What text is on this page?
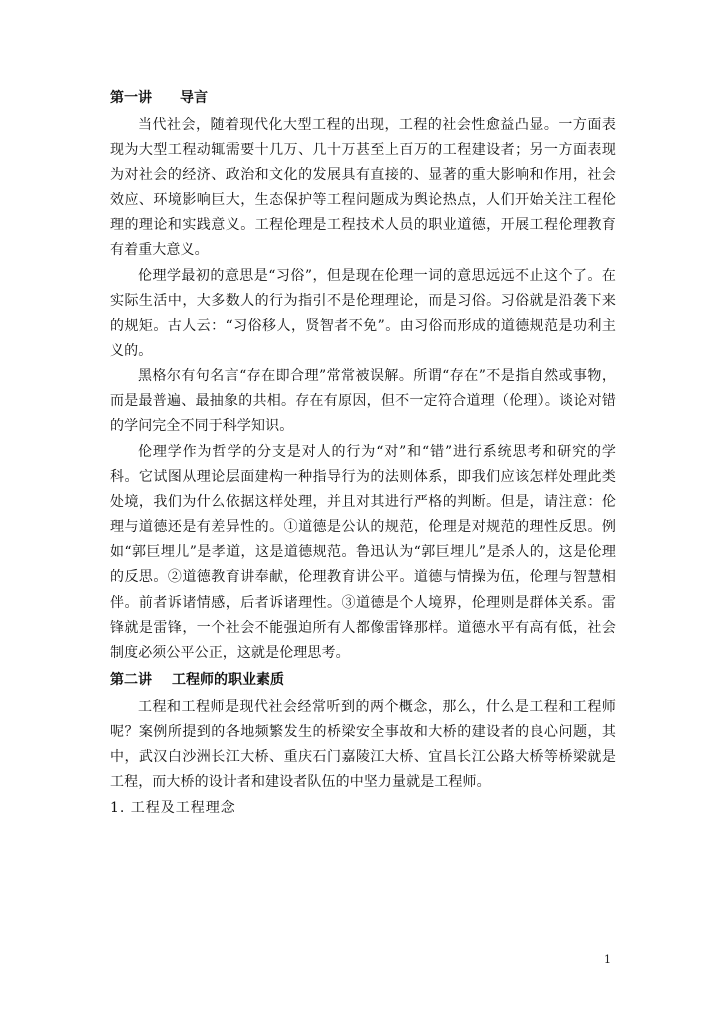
第一讲 导言

当代社会，随着现代化大型工程的出现，工程的社会性愈益凸显。一方面表现为大型工程动辄需要十几万、几十万甚至上百万的工程建设者；另一方面表现为对社会的经济、政治和文化的发展具有直接的、显著的重大影响和作用，社会效应、环境影响巨大，生态保护等工程问题成为舆论热点，人们开始关注工程伦理的理论和实践意义。工程伦理是工程技术人员的职业道德，开展工程伦理教育有着重大意义。

伦理学最初的意思是“习俗”，但是现在伦理一词的意思远远不止这个了。在实际生活中，大多数人的行为指引不是伦理理论，而是习俗。习俗就是沿袭下来的规矩。古人云：“习俗移人，贤智者不免”。由习俗而形成的道德规范是功利主义的。

黑格尔有句名言“存在即合理”常常被误解。所谓“存在”不是指自然或事物，而是最普遍、最抽象的共相。存在有原因，但不一定符合道理（伦理）。谈论对错的学问完全不同于科学知识。

伦理学作为哲学的分支是对人的行为“对”和“错”进行系统思考和研究的学科。它试图从理论层面建构一种指导行为的法则体系，即我们应该怎样处理此类处境，我们为什么依据这样处理，并且对其进行严格的判断。但是，请注意：伦理与道德还是有差异性的。①道德是公认的规范，伦理是对规范的理性反思。例如“郭巨埋儿”是孝道，这是道德规范。鲁迅认为“郭巨埋儿”是杀人的，这是伦理的反思。②道德教育讲奉献，伦理教育讲公平。道德与情操为伍，伦理与智慧相伴。前者诉诸情感，后者诉诸理性。③道德是个人境界，伦理则是群体关系。雷锋就是雷锋，一个社会不能强迫所有人都像雷锋那样。道德水平有高有低，社会制度必须公平公正，这就是伦理思考。

第二讲 工程师的职业素质

工程和工程师是现代社会经常听到的两个概念，那么，什么是工程和工程师呢？案例所提到的各地频繁发生的桥梁安全事故和大桥的建设者的良心问题，其中，武汉白沙洲长江大桥、重庆石门嘉陵江大桥、宜昌长江公路大桥等桥梁就是工程，而大桥的设计者和建设者队伍的中坚力量就是工程师。

1. 工程及工程理念

1
